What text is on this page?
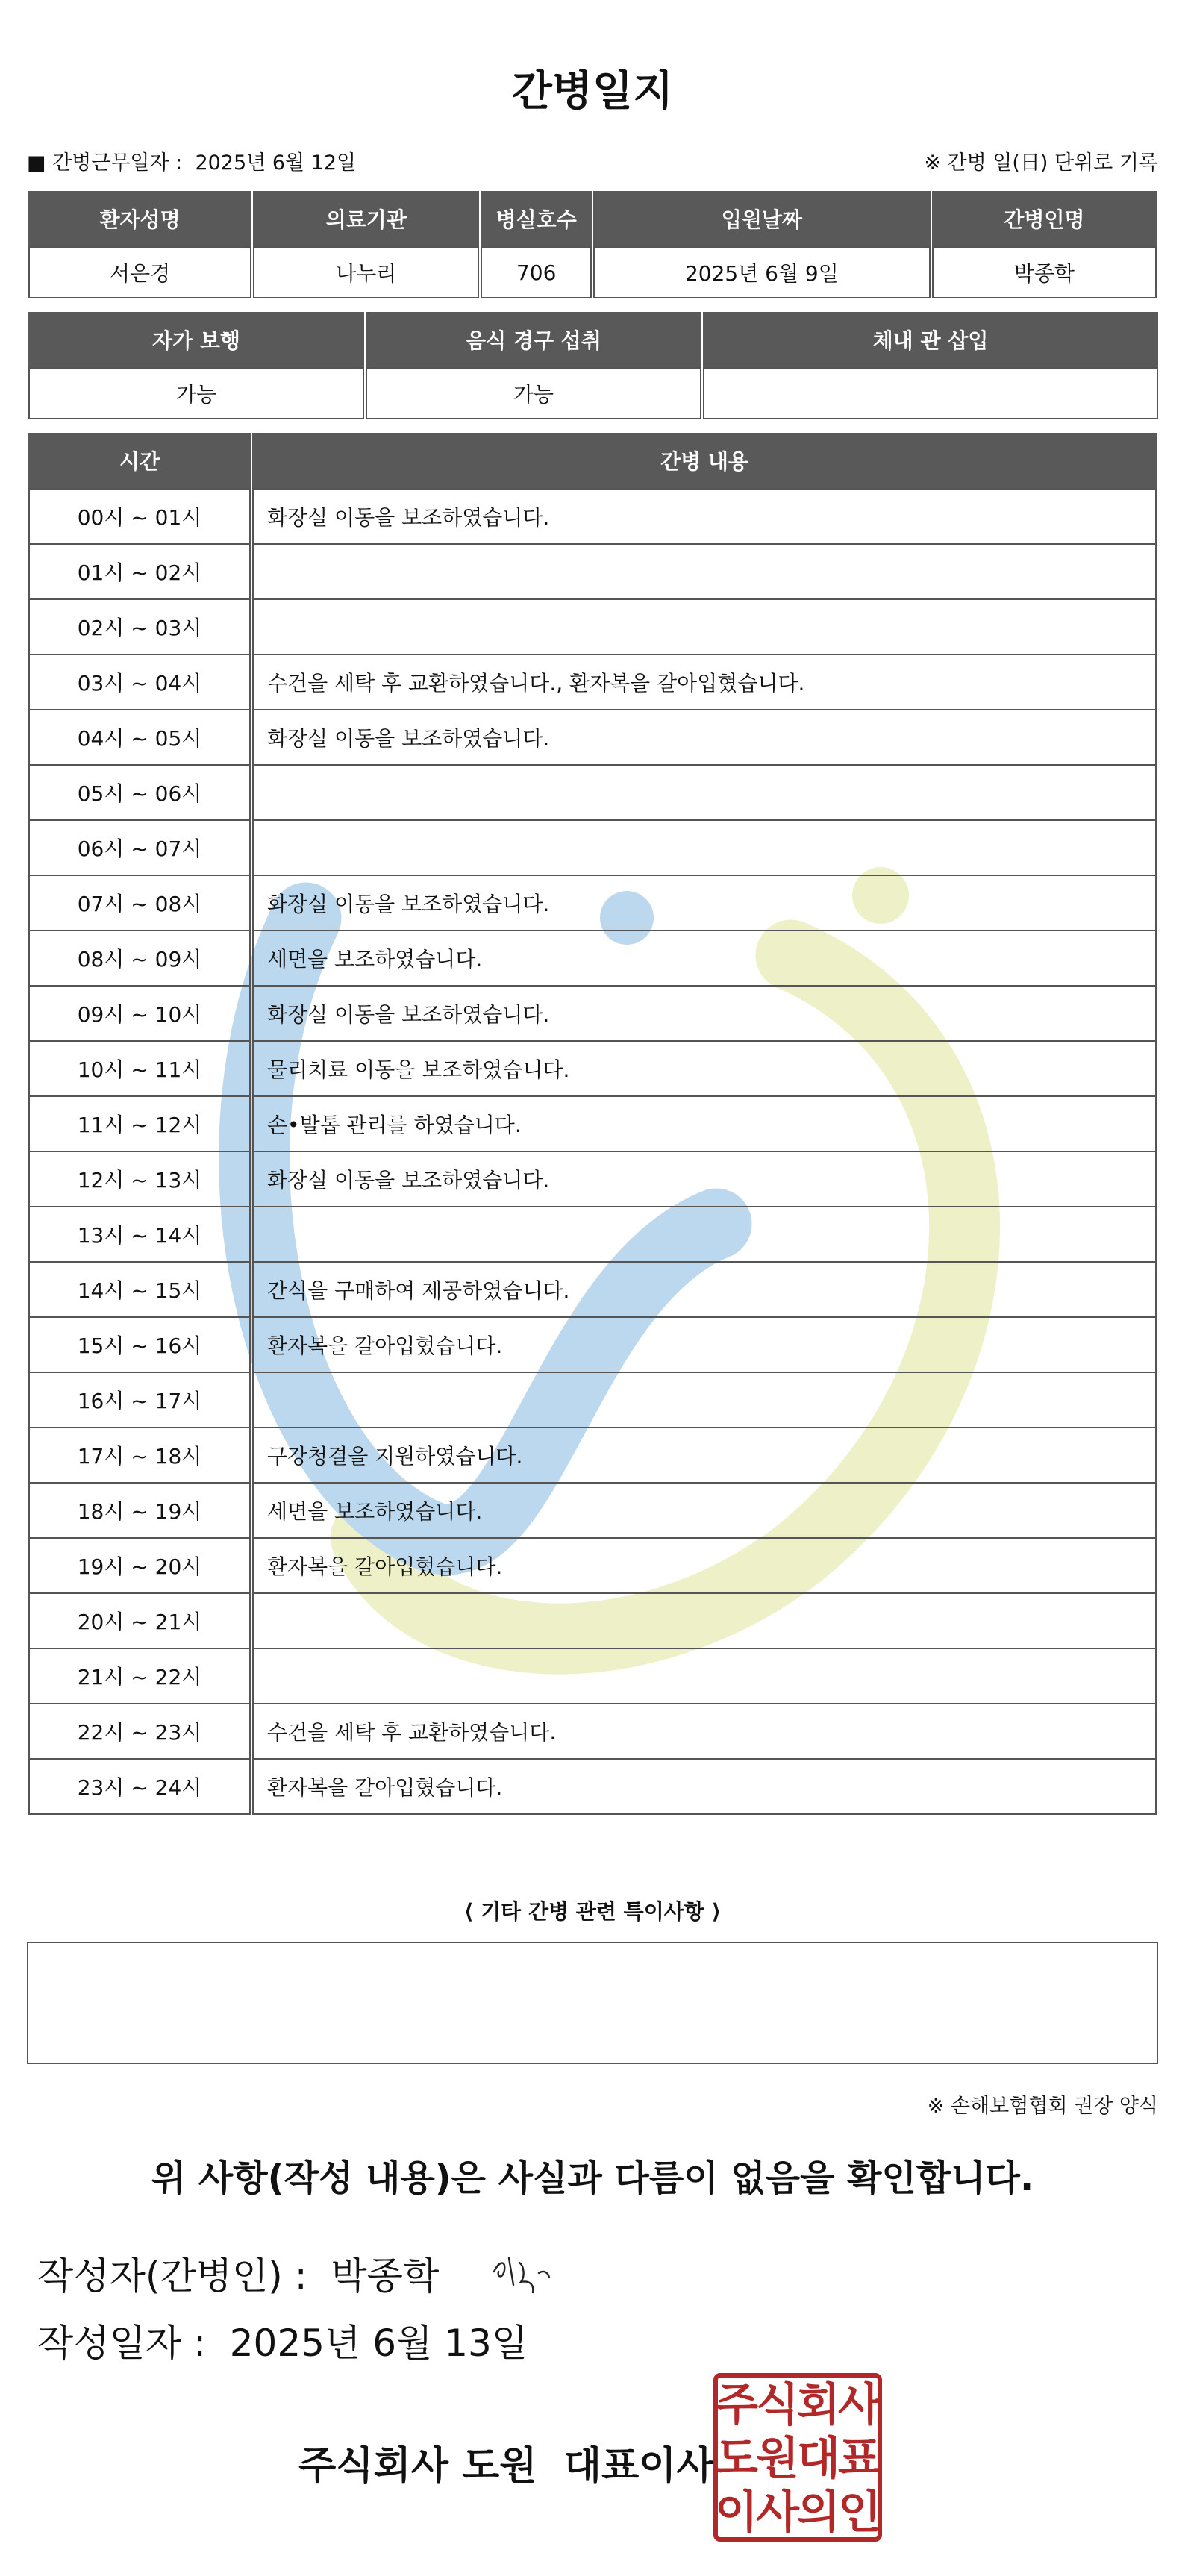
간병일지
■ 간병근무일자 : 2025년 6월 12일	※ 간병 일(日) 단위로 기록
환자성명	의료기관	병실호수	입원날짜	간병인명
서은경	나누리	706	2025년 6월 9일	박종학
자가 보행	음식 경구 섭취	체내 관 삽입
가능	가능	
시간	간병 내용
00시 ~ 01시	화장실 이동을 보조하였습니다.
01시 ~ 02시	
02시 ~ 03시	
03시 ~ 04시	수건을 세탁 후 교환하였습니다., 환자복을 갈아입혔습니다.
04시 ~ 05시	화장실 이동을 보조하였습니다.
05시 ~ 06시	
06시 ~ 07시	
07시 ~ 08시	화장실 이동을 보조하였습니다.
08시 ~ 09시	세면을 보조하였습니다.
09시 ~ 10시	화장실 이동을 보조하였습니다.
10시 ~ 11시	물리치료 이동을 보조하였습니다.
11시 ~ 12시	손•발톱 관리를 하였습니다.
12시 ~ 13시	화장실 이동을 보조하였습니다.
13시 ~ 14시	
14시 ~ 15시	간식을 구매하여 제공하였습니다.
15시 ~ 16시	환자복을 갈아입혔습니다.
16시 ~ 17시	
17시 ~ 18시	구강청결을 지원하였습니다.
18시 ~ 19시	세면을 보조하였습니다.
19시 ~ 20시	환자복을 갈아입혔습니다.
20시 ~ 21시	
21시 ~ 22시	
22시 ~ 23시	수건을 세탁 후 교환하였습니다.
23시 ~ 24시	환자복을 갈아입혔습니다.
⟨ 기타 간병 관련 특이사항 ⟩
※ 손해보험협회 권장 양식
위 사항(작성 내용)은 사실과 다름이 없음을 확인합니다.
작성자(간병인) : 박종학
작성일자 : 2025년 6월 13일
주식회사 도원 대표이사
주
식
회
사
도
원
대
표
이
사
의
인
